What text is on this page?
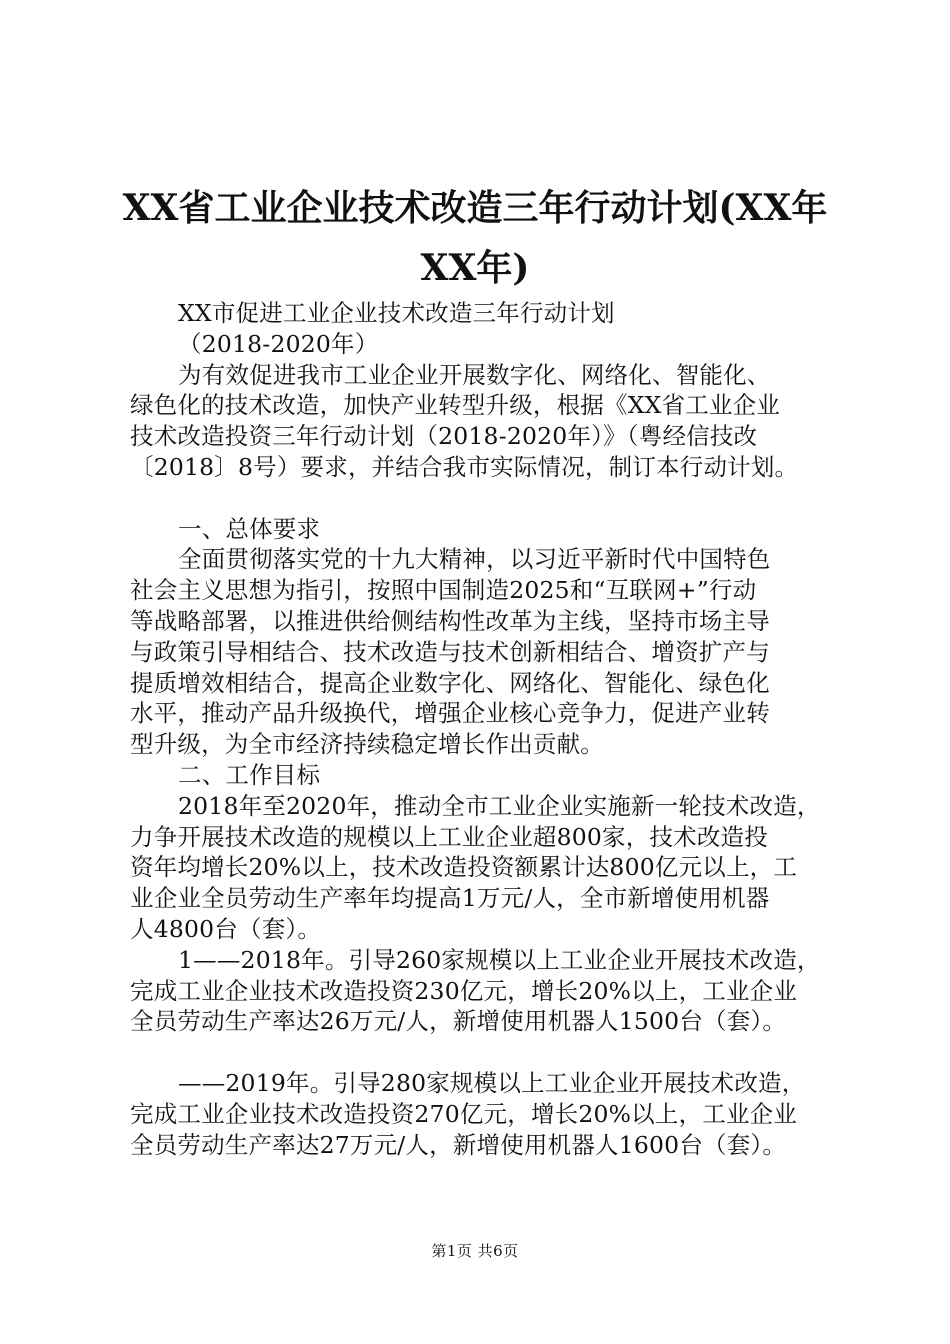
XX省工业企业技术改造三年行动计划(XX年XX年)

XX市促进工业企业技术改造三年行动计划

（2018-2020年）

为有效促进我市工业企业开展数字化、网络化、智能化、

绿色化的技术改造，加快产业转型升级，根据《XX省工业企业

技术改造投资三年行动计划（2018-2020年）》（粤经信技改

〔2018〕8号）要求，并结合我市实际情况，制订本行动计划。

一、总体要求

全面贯彻落实党的十九大精神，以习近平新时代中国特色

社会主义思想为指引，按照中国制造2025和“互联网+”行动

等战略部署，以推进供给侧结构性改革为主线，坚持市场主导

与政策引导相结合、技术改造与技术创新相结合、增资扩产与

提质增效相结合，提高企业数字化、网络化、智能化、绿色化

水平，推动产品升级换代，增强企业核心竞争力，促进产业转

型升级，为全市经济持续稳定增长作出贡献。

二、工作目标

2018年至2020年，推动全市工业企业实施新一轮技术改造，

力争开展技术改造的规模以上工业企业超800家，技术改造投

资年均增长20%以上，技术改造投资额累计达800亿元以上，工

业企业全员劳动生产率年均提高1万元/人，全市新增使用机器

人4800台（套）。

1——2018年。引导260家规模以上工业企业开展技术改造，

完成工业企业技术改造投资230亿元，增长20%以上，工业企业

全员劳动生产率达26万元/人，新增使用机器人1500台（套）。

——2019年。引导280家规模以上工业企业开展技术改造，

完成工业企业技术改造投资270亿元，增长20%以上，工业企业

全员劳动生产率达27万元/人，新增使用机器人1600台（套）。

第1页 共6页
